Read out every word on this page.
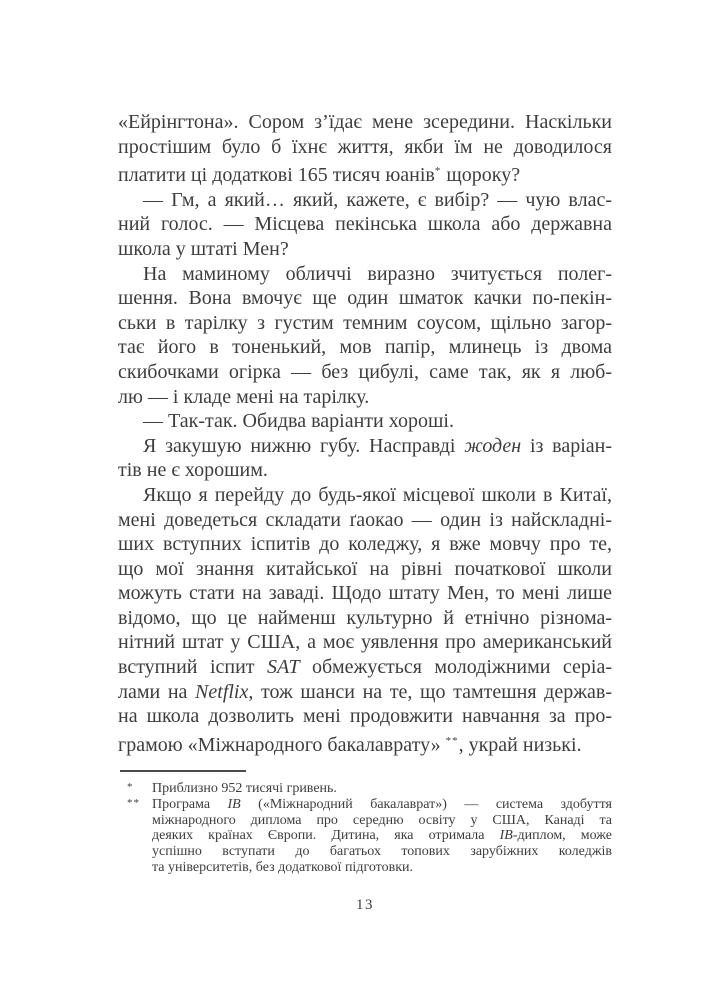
«Ейрінгтона». Сором з’їдає мене зсередини. Наскільки
простішим було б їхнє життя, якби їм не доводилося
платити ці додаткові 165 тисяч юанів* щороку?
— Гм, а який… який, кажете, є вибір? — чую влас-
ний голос. — Місцева пекінська школа або державна
школа у штаті Мен?
На маминому обличчі виразно зчитується полег-
шення. Вона вмочує ще один шматок качки по-пекін-
ськи в тарілку з густим темним соусом, щільно загор-
тає його в тоненький, мов папір, млинець із двома
скибочками огірка — без цибулі, саме так, як я люб-
лю — і кладе мені на тарілку.
— Так-так. Обидва варіанти хороші.
Я закушую нижню губу. Насправді жоден із варіан-
тів не є хорошим.
Якщо я перейду до будь-якої місцевої школи в Китаї,
мені доведеться складати ґаокао — один із найскладні-
ших вступних іспитів до коледжу, я вже мовчу про те,
що мої знання китайської на рівні початкової школи
можуть стати на заваді. Щодо штату Мен, то мені лише
відомо, що це найменш культурно й етнічно різнома-
нітний штат у США, а моє уявлення про американський
вступний іспит SAT обмежується молодіжними серіа-
лами на Netflix, тож шанси на те, що тамтешня держав-
на школа дозволить мені продовжити навчання за про-
грамою «Міжнародного бакалаврату» **, украй низькі.
*	Приблизно 952 тисячі гривень.
** Програма IB («Міжнародний бакалаврат») — система здобуття
міжнародного диплома про середню освіту у США, Канаді та
деяких країнах Європи. Дитина, яка отримала IB-диплом, може
успішно вступати до багатьох топових зарубіжних коледжів
та університетів, без додаткової підготовки.
13
